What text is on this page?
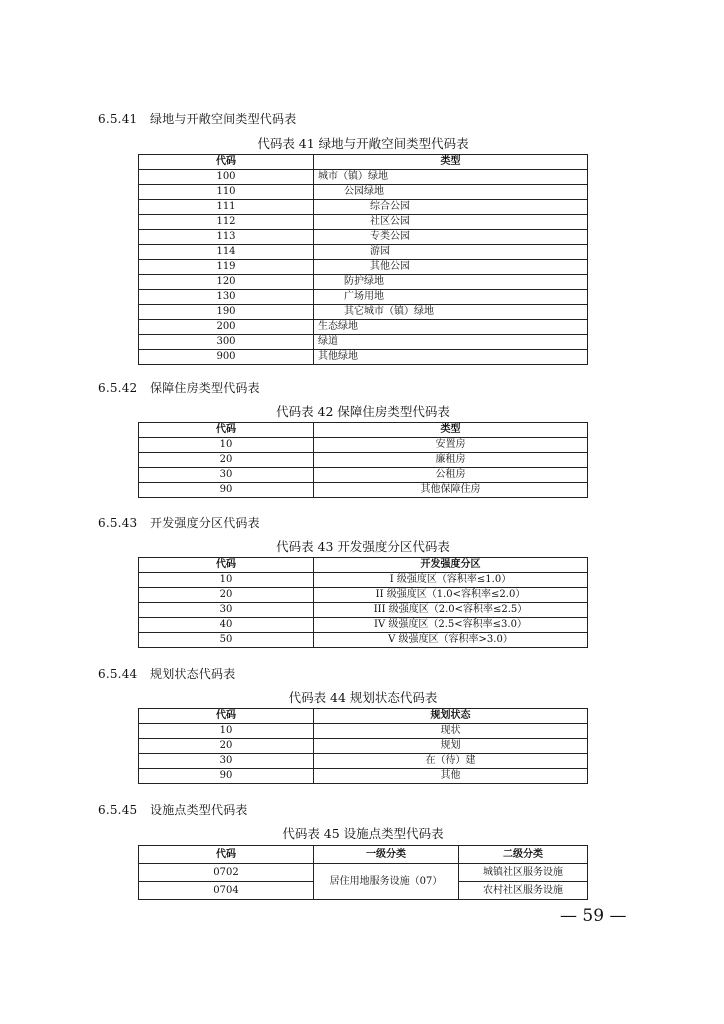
6.5.41 绿地与开敞空间类型代码表
代码表 41 绿地与开敞空间类型代码表
代码	类型
100	城市（镇）绿地
110	公园绿地
111	综合公园
112	社区公园
113	专类公园
114	游园
119	其他公园
120	防护绿地
130	广场用地
190	其它城市（镇）绿地
200	生态绿地
300	绿道
900	其他绿地
6.5.42 保障住房类型代码表
代码表 42 保障住房类型代码表
代码	类型
10	安置房
20	廉租房
30	公租房
90	其他保障住房
6.5.43 开发强度分区代码表
代码表 43 开发强度分区代码表
代码	开发强度分区
10	I 级强度区（容积率≤1.0）
20	II 级强度区（1.0<容积率≤2.0）
30	III 级强度区（2.0<容积率≤2.5）
40	IV 级强度区（2.5<容积率≤3.0）
50	V 级强度区（容积率>3.0）
6.5.44 规划状态代码表
代码表 44 规划状态代码表
代码	规划状态
10	现状
20	规划
30	在（待）建
90	其他
6.5.45 设施点类型代码表
代码表 45 设施点类型代码表
代码	一级分类	二级分类
0702	居住用地服务设施（07）	城镇社区服务设施
0704		农村社区服务设施
— 59 —
